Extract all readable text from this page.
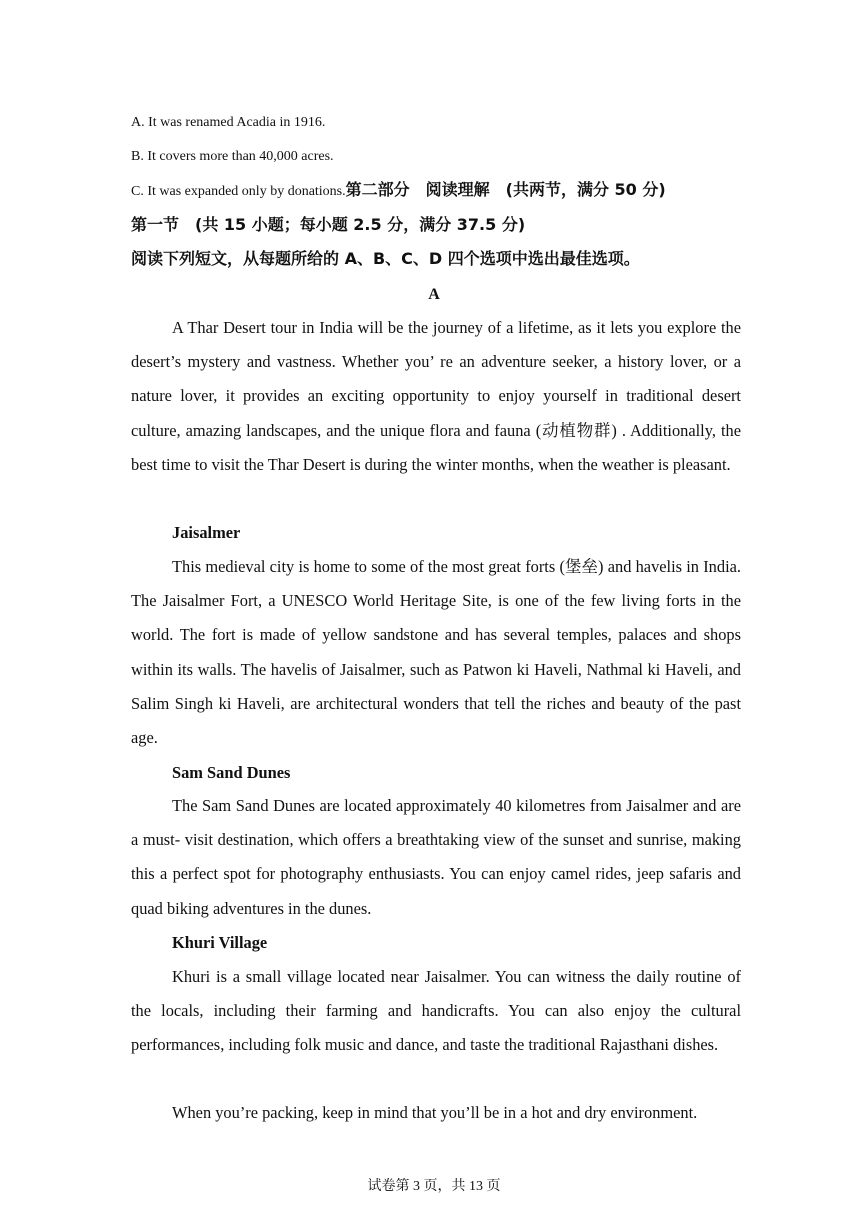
A. It was renamed Acadia in 1916.
B. It covers more than 40,000 acres.
C. It was expanded only by donations.第二部分　阅读理解　(共两节，满分 50 分)
第一节　(共 15 小题；每小题 2.5 分，满分 37.5 分)
阅读下列短文，从每题所给的 A、B、C、D 四个选项中选出最佳选项。
A
A Thar Desert tour in India will be the journey of a lifetime, as it lets you explore the desert’s mystery and vastness. Whether you’ re an adventure seeker, a history lover, or a nature lover, it provides an exciting opportunity to enjoy yourself in traditional desert culture, amazing landscapes, and the unique flora and fauna (动植物群) . Additionally, the best time to visit the Thar Desert is during the winter months, when the weather is pleasant.
Jaisalmer
This medieval city is home to some of the most great forts (堡垒) and havelis in India. The Jaisalmer Fort, a UNESCO World Heritage Site, is one of the few living forts in the world. The fort is made of yellow sandstone and has several temples, palaces and shops within its walls. The havelis of Jaisalmer, such as Patwon ki Haveli, Nathmal ki Haveli, and Salim Singh ki Haveli, are architectural wonders that tell the riches and beauty of the past age.
Sam Sand Dunes
The Sam Sand Dunes are located approximately 40 kilometres from Jaisalmer and are a must- visit destination, which offers a breathtaking view of the sunset and sunrise, making this a perfect spot for photography enthusiasts. You can enjoy camel rides, jeep safaris and quad biking adventures in the dunes.
Khuri Village
Khuri is a small village located near Jaisalmer. You can witness the daily routine of the locals, including their farming and handicrafts. You can also enjoy the cultural performances, including folk music and dance, and taste the traditional Rajasthani dishes.
When you’re packing, keep in mind that you’ll be in a hot and dry environment.
试卷第 3 页，共 13 页
